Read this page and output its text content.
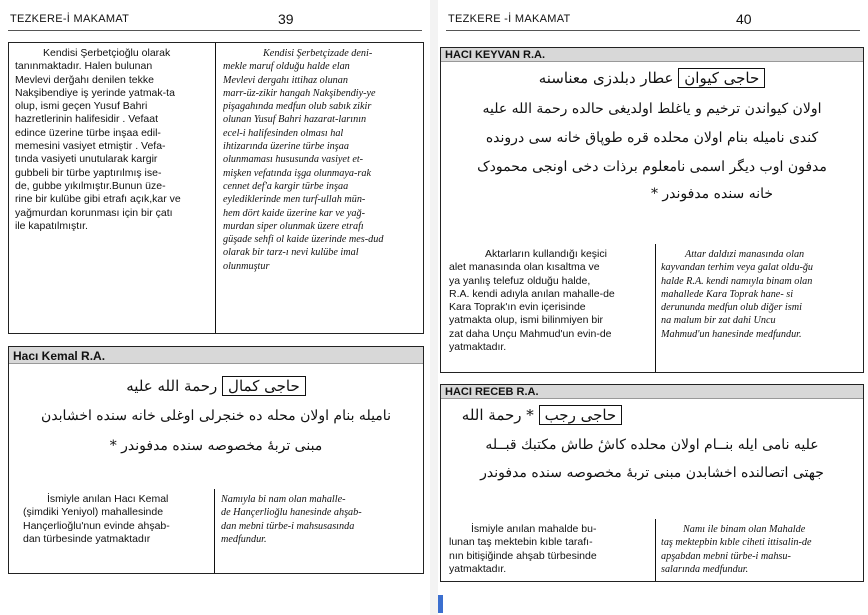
TEZKERE-İ MAKAMAT	39
Kendisi Şerbetçioğlu olarak
tanınmaktadır. Halen bulunan
Mevlevi derğahı denilen tekke
Nakşibendiye iş yerinde yatmak-ta
olup, ismi geçen Yusuf Bahri
hazretlerinin halifesidir . Vefaat
edince üzerine türbe inşaa edil-
memesini vasiyet etmiştir . Vefa-
tında vasiyeti unutularak kargir
gubbeli bir türbe yaptırılmış ise-
de, gubbe yıkılmıştır.Bunun üze-
rine bir kulübe gibi etrafı açık,kar ve
yağmurdan korunması için bir çatı
ile kapatılmıştır.
Kendisi Şerbetçizade deni-
mekle maruf olduğu halde elan
Mevlevi dergahı ittihaz olunan
marr-üz-zikir hangah Nakşibendiy-ye
pişagahında medfun olub sabık zikir
olunan Yusuf Bahri hazarat-larının
ecel-i halifesinden olması hal
ihtizarında üzerine türbe inşaa
olunmaması hususunda vasiyet et-
mişken vefatında işga olunmaya-rak
cennet def'a kargir türbe inşaa
eylediklerinde men turf-ullah mün-
hem dört kaide üzerine kar ve yağ-
murdan siper olunmak üzere etrafı
güşade sehfi ol kaide üzerinde mes-dud
olarak bir tarz-ı nevi kulübe imal
olunmuştur
Hacı Kemal R.A.
حاجی کمال رحمة الله علیه
نامیله بنام اولان محله ده خنجرلی اوغلی خانه سنده اخشابدن
مبنی تربهٔ مخصوصه سنده مدفوندر *
İsmiyle anılan Hacı Kemal
(şimdiki Yeniyol) mahallesinde
Hançerlioğlu'nun evinde ahşab-
dan türbesinde yatmaktadır
Namıyla bi nam olan mahalle-
de Hançerlioğlu hanesinde ahşab-
dan mebni türbe-i mahsusasında
medfundur.
TEZKERE -İ MAKAMAT	40
HACI KEYVAN R.A.
حاجی کیوان عطار دبلدزی معناسنه
اولان کیواندن ترخیم و یاغلط اولدیغی حالده رحمة الله علیه
کندی نامیله بنام اولان محلده قره طوپاق خانه سی درونده
مدفون اوب دیگر اسمی نامعلوم برذات دخی اونجی محمودک
خانه سنده مدفوندر *
Aktarların kullandığı keşici
alet manasında olan kısaltma ve
ya yanlış telefuz olduğu halde,
R.A. kendi adıyla anılan mahalle-de
Kara Toprak'ın evin içerisinde
yatmakta olup, ismi bilinmiyen bir
zat daha Unçu Mahmud'un evin-de
yatmaktadır.
Attar daldızi manasında olan
kayvandan terhim veya galat oldu-ğu
halde R.A. kendi namıyla binam olan
mahallede Kara Toprak hane- si
derununda medfun olub diğer ismi
na malum bir zat dahi Uncu
Mahmud'un hanesinde medfundur.
HACI RECEB R.A.
حاجی رجب * رحمة الله
علیه نامی ایله بنــام اولان محلده کاشٔ طاش مکتبك قبــله
جهتی اتصالنده اخشابدن مبنی تربهٔ مخصوصه سنده مدفوندر
İsmiyle anılan mahalde bu-
lunan taş mektebin kıble tarafı-
nın bitişiğinde ahşab türbesinde
yatmaktadır.
Namı ile binam olan Mahalde
taş mektepbin kıble ciheti ittisalin-de
apşabdan mebni türbe-i mahsu-
salarında medfundur.
